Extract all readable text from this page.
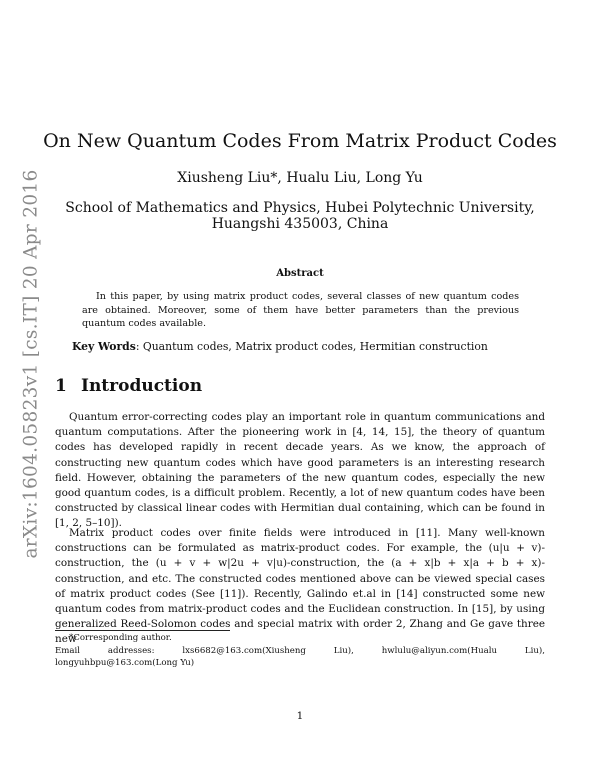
arXiv:1604.05823v1 [cs.IT] 20 Apr 2016
On New Quantum Codes From Matrix Product Codes
Xiusheng Liu*, Hualu Liu, Long Yu
School of Mathematics and Physics, Hubei Polytechnic University,
Huangshi 435003, China
Abstract
In this paper, by using matrix product codes, several classes of new quantum codes are obtained. Moreover, some of them have better parameters than the previous quantum codes available.
Key Words: Quantum codes, Matrix product codes, Hermitian construction
1 Introduction

Quantum error-correcting codes play an important role in quantum communications and quantum computations. After the pioneering work in [4, 14, 15], the theory of quantum codes has developed rapidly in recent decade years. As we know, the approach of constructing new quantum codes which have good parameters is an interesting research field. However, obtaining the parameters of the new quantum codes, especially the new good quantum codes, is a difficult problem. Recently, a lot of new quantum codes have been constructed by classical linear codes with Hermitian dual containing, which can be found in [1, 2, 5–10]).

Matrix product codes over finite fields were introduced in [11]. Many well-known constructions can be formulated as matrix-product codes. For example, the (u|u + v)-construction, the (u + v + w|2u + v|u)-construction, the (a + x|b + x|a + b + x)-construction, and etc. The constructed codes mentioned above can be viewed special cases of matrix product codes (See [11]). Recently, Galindo et.al in [14] constructed some new quantum codes from matrix-product codes and the Euclidean construction. In [15], by using generalized Reed-Solomon codes and special matrix with order 2, Zhang and Ge gave three new

*Corresponding author.
Email addresses: lxs6682@163.com(Xiusheng Liu), hwlulu@aliyun.com(Hualu Liu),
longyuhbpu@163.com(Long Yu)
1
